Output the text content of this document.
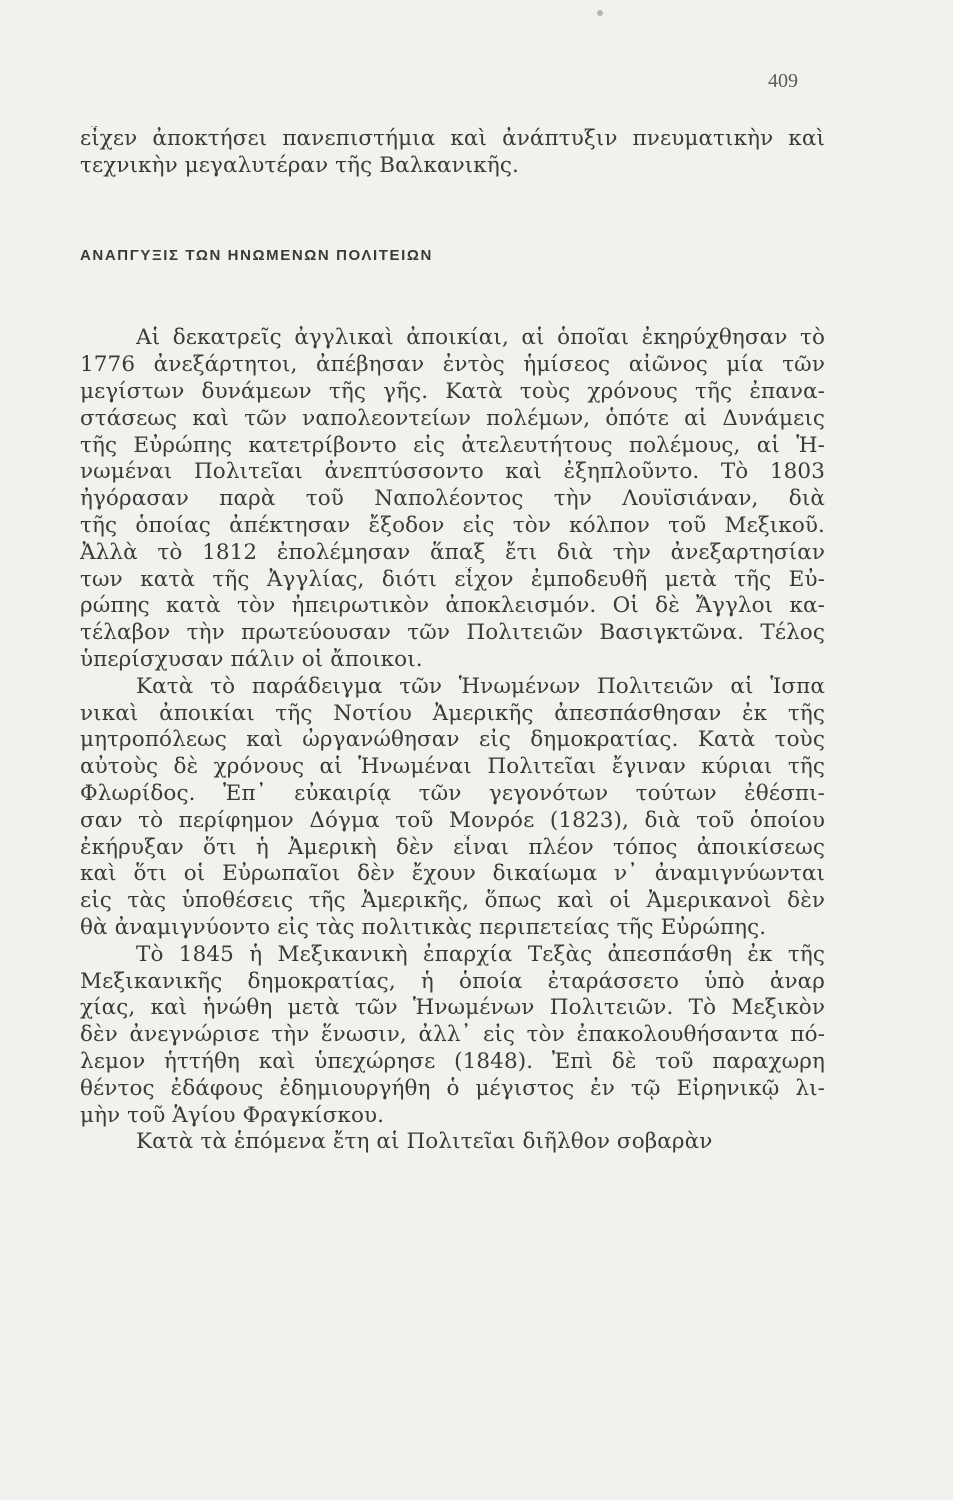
409
εἶχεν ἀποκτήσει πανεπιστήμια καὶ ἀνάπτυξιν πνευματικὴν καὶ
τεχνικὴν μεγαλυτέραν τῆς Βαλκανικῆς.
ΑΝΑΠΓΥΞΙΣ ΤΩΝ ΗΝΩΜΕΝΩΝ ΠΟΛΙΤΕΙΩΝ
Αἱ δεκατρεῖς ἀγγλικαὶ ἀποικίαι, αἱ ὁποῖαι ἐκηρύχθησαν τὸ
1776 ἀνεξάρτητοι, ἀπέβησαν ἐντὸς ἡμίσεος αἰῶνος μία τῶν
μεγίστων δυνάμεων τῆς γῆς. Κατὰ τοὺς χρόνους τῆς ἐπανα-
στάσεως καὶ τῶν ναπολεοντείων πολέμων, ὁπότε αἱ Δυνάμεις
τῆς Εὐρώπης κατετρίβοντο εἰς ἀτελευτήτους πολέμους, αἱ Ἡ-
νωμέναι Πολιτεῖαι ἀνεπτύσσοντο καὶ ἐξηπλοῦντο. Τὸ 1803
ἠγόρασαν παρὰ τοῦ Ναπολέοντος τὴν Λουϊσιάναν, διὰ
τῆς ὁποίας ἀπέκτησαν ἔξοδον εἰς τὸν κόλπον τοῦ Μεξικοῦ.
Ἀλλὰ τὸ 1812 ἐπολέμησαν ἅπαξ ἔτι διὰ τὴν ἀνεξαρτησίαν
των κατὰ τῆς Ἀγγλίας, διότι εἶχον ἐμποδευθῆ μετὰ τῆς Εὐ-
ρώπης κατὰ τὸν ἠπειρωτικὸν ἀποκλεισμόν. Οἱ δὲ Ἄγγλοι κα-
τέλαβον τὴν πρωτεύουσαν τῶν Πολιτειῶν Βασιγκτῶνα. Τέλος
ὑπερίσχυσαν πάλιν οἱ ἄποικοι.
Κατὰ τὸ παράδειγμα τῶν Ἡνωμένων Πολιτειῶν αἱ Ἱσπα
νικαὶ ἀποικίαι τῆς Νοτίου Ἀμερικῆς ἀπεσπάσθησαν ἐκ τῆς
μητροπόλεως καὶ ὠργανώθησαν εἰς δημοκρατίας. Κατὰ τοὺς
αὐτοὺς δὲ χρόνους αἱ Ἡνωμέναι Πολιτεῖαι ἔγιναν κύριαι τῆς
Φλωρίδος. Ἐπ᾿ εὐκαιρίᾳ τῶν γεγονότων τούτων ἐθέσπι-
σαν τὸ περίφημον Δόγμα τοῦ Μονρόε (1823), διὰ τοῦ ὁποίου
ἐκήρυξαν ὅτι ἡ Ἀμερικὴ δὲν εἶναι πλέον τόπος ἀποικίσεως
καὶ ὅτι οἱ Εὐρωπαῖοι δὲν ἔχουν δικαίωμα ν᾿ ἀναμιγνύωνται
εἰς τὰς ὑποθέσεις τῆς Ἀμερικῆς, ὅπως καὶ οἱ Ἀμερικανοὶ δὲν
θὰ ἀναμιγνύοντο εἰς τὰς πολιτικὰς περιπετείας τῆς Εὐρώπης.
Τὸ 1845 ἡ Μεξικανικὴ ἐπαρχία Τεξὰς ἀπεσπάσθη ἐκ τῆς
Μεξικανικῆς δημοκρατίας, ἡ ὁποία ἐταράσσετο ὑπὸ ἀναρ
χίας, καὶ ἡνώθη μετὰ τῶν Ἡνωμένων Πολιτειῶν. Τὸ Μεξικὸν
δὲν ἀνεγνώρισε τὴν ἕνωσιν, ἀλλ᾿ εἰς τὸν ἐπακολουθήσαντα πό-
λεμον ἡττήθη καὶ ὑπεχώρησε (1848). Ἐπὶ δὲ τοῦ παραχωρη
θέντος ἐδάφους ἐδημιουργήθη ὁ μέγιστος ἐν τῷ Εἰρηνικῷ λι-
μὴν τοῦ Ἁγίου Φραγκίσκου.
Κατὰ τὰ ἑπόμενα ἔτη αἱ Πολιτεῖαι διῆλθον σοβαρὰν
